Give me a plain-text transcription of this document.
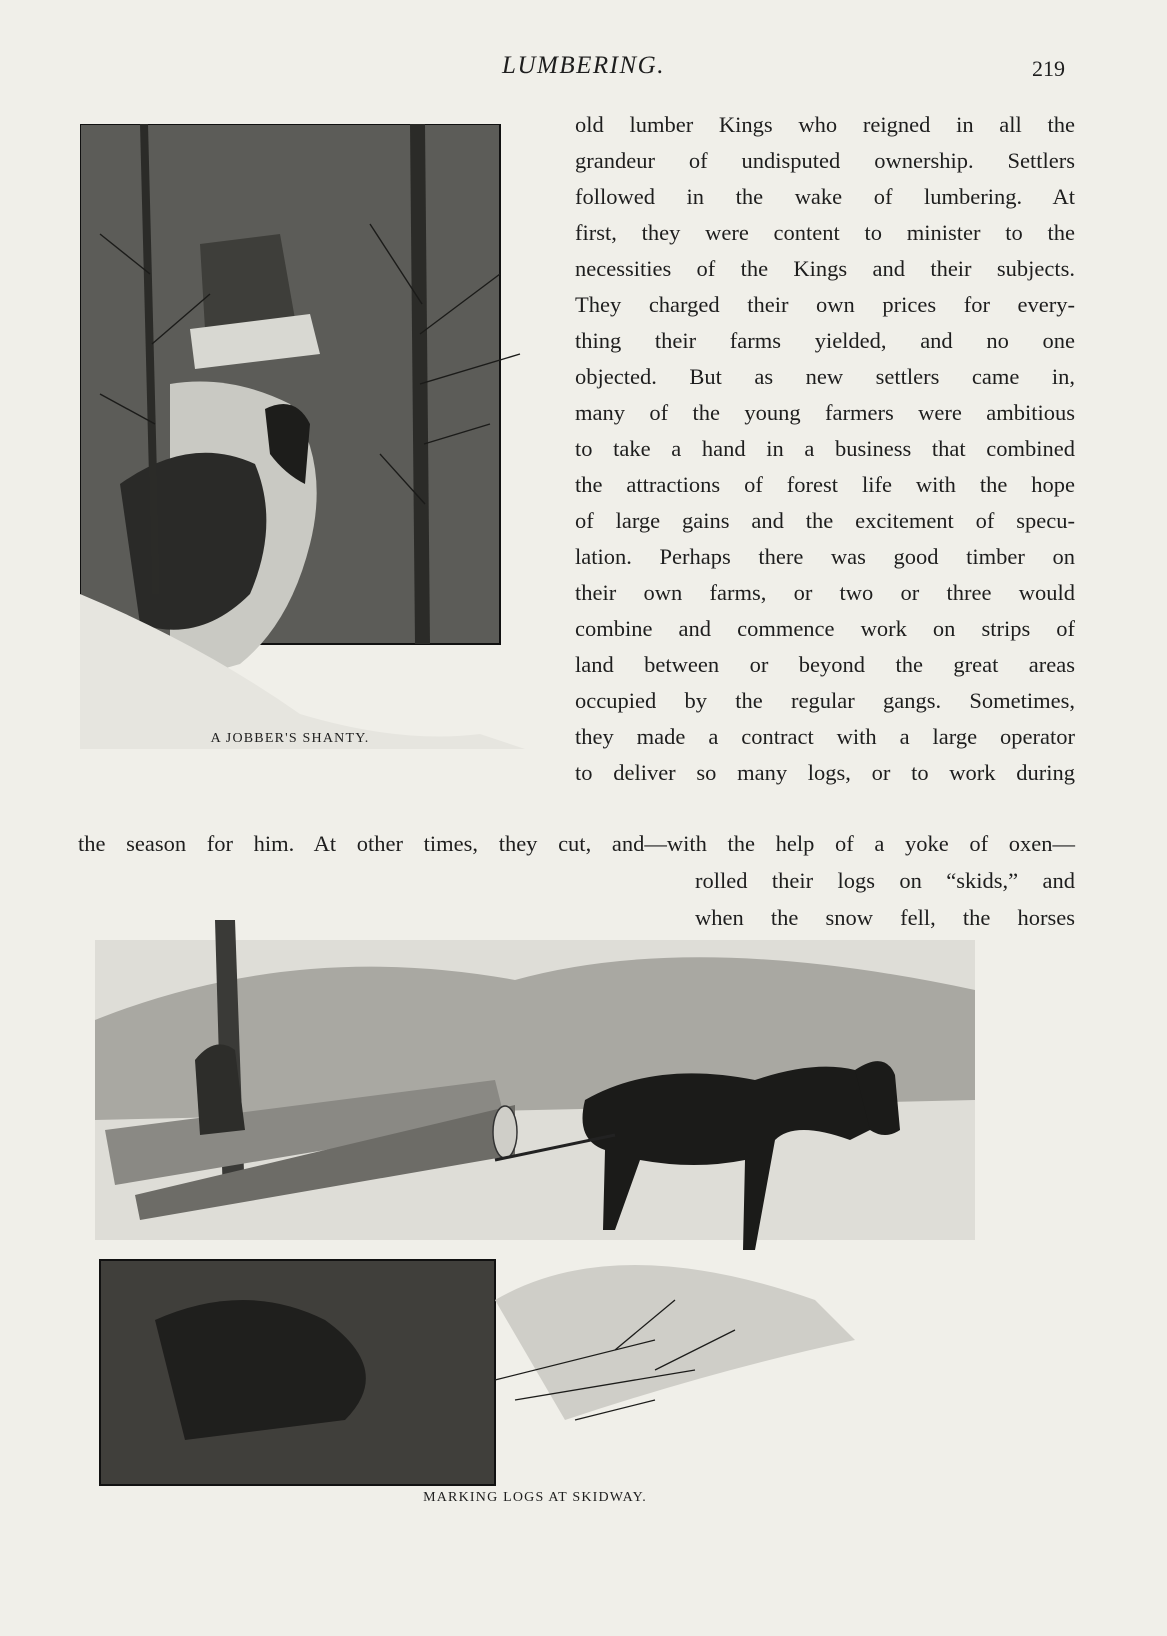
LUMBERING.	219
A JOBBER'S SHANTY.
MARKING LOGS AT SKIDWAY.
old lumber Kings who reigned in all the
grandeur of undisputed ownership. Settlers
followed in the wake of lumbering. At
first, they were content to minister to the
necessities of the Kings and their subjects.
They charged their own prices for every-
thing their farms yielded, and no one
objected. But as new settlers came in,
many of the young farmers were ambitious
to take a hand in a business that combined
the attractions of forest life with the hope
of large gains and the excitement of specu-
lation. Perhaps there was good timber on
their own farms, or two or three would
combine and commence work on strips of
land between or beyond the great areas
occupied by the regular gangs. Sometimes,
they made a contract with a large operator
to deliver so many logs, or to work during
the season for him. At other times, they cut, and—with the help of a yoke of oxen—
rolled their logs on “skids,” and
when the snow fell, the horses
